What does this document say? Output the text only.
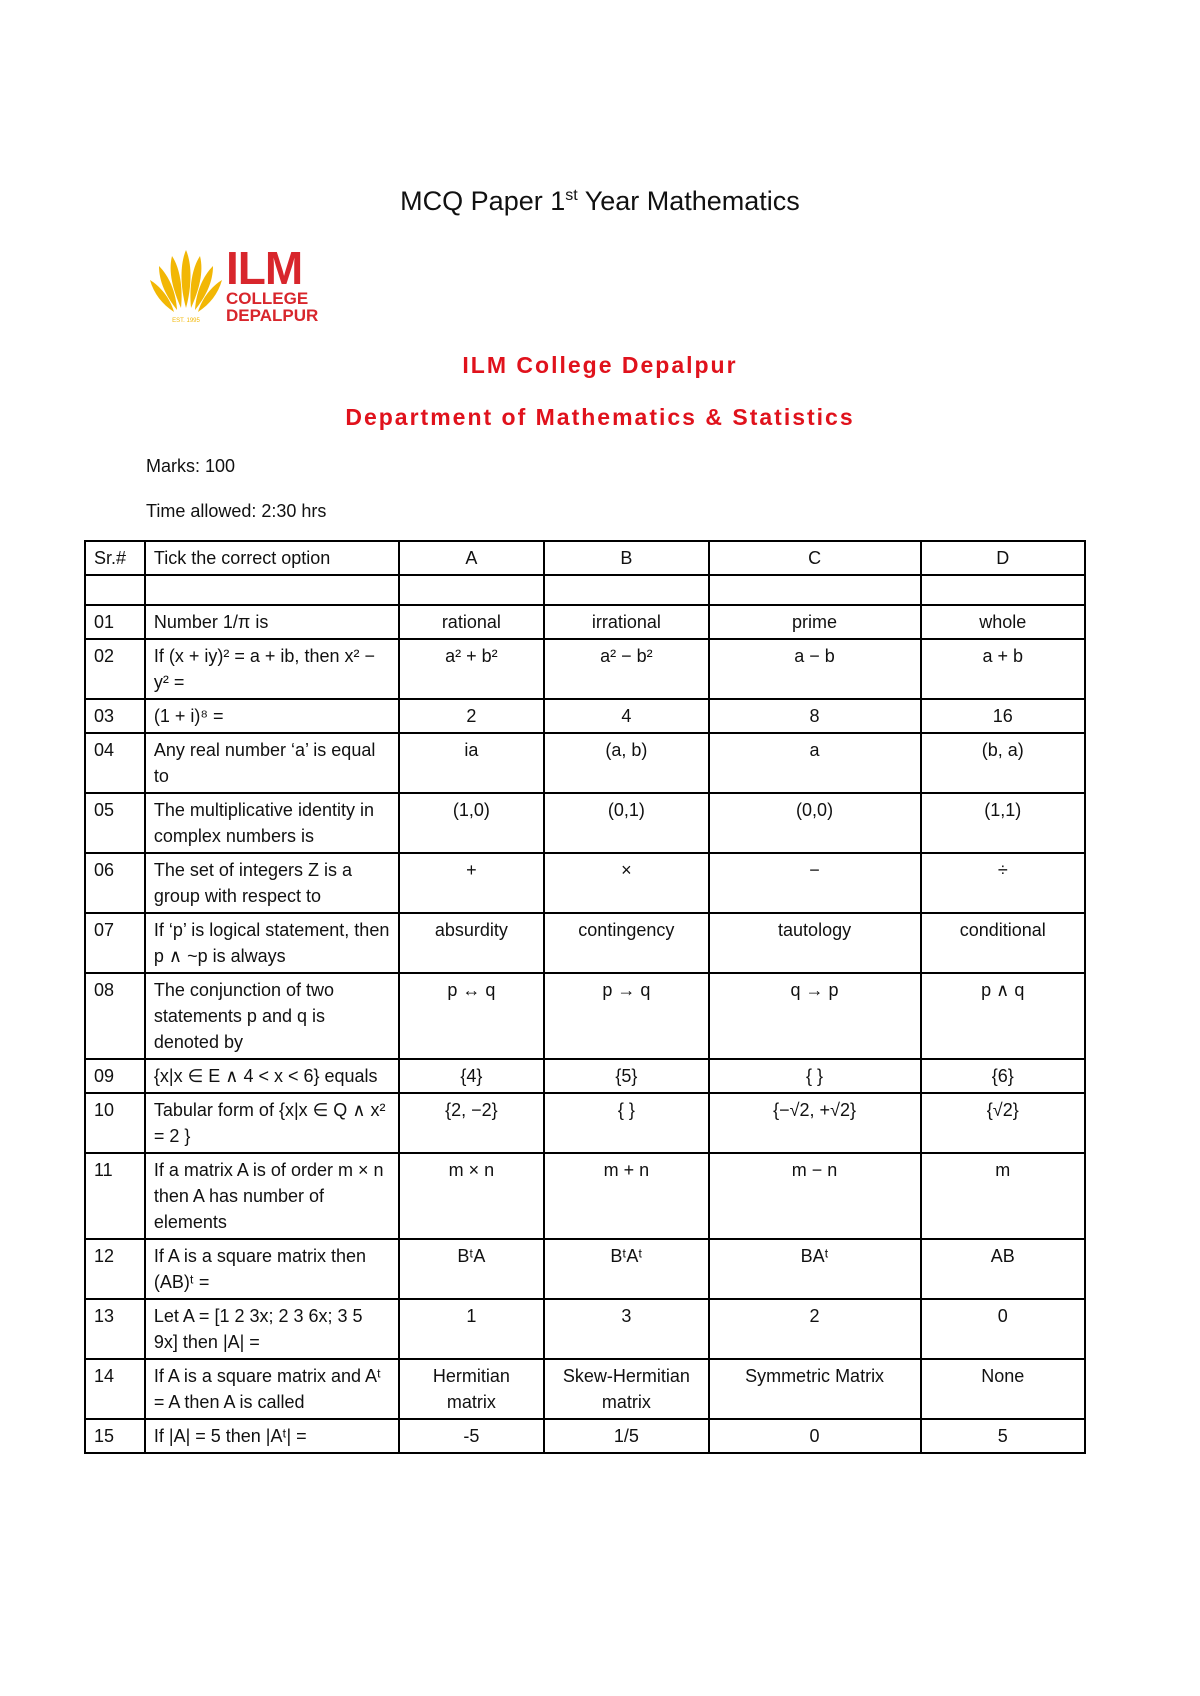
MCQ Paper 1st Year Mathematics
EST. 1995
ILM
COLLEGE
DEPALPUR
ILM College Depalpur
Department of Mathematics & Statistics
Marks: 100
Time allowed: 2:30 hrs
Sr.#	Tick the correct option	A	B	C	D

01	Number 1/π is	rational	irrational	prime	whole
02	If (x + iy)² = a + ib, then x² − y² =	a² + b²	a² − b²	a − b	a + b
03	(1 + i)⁸ =	2	4	8	16
04	Any real number ‘a’ is equal to	ia	(a, b)	a	(b, a)
05	The multiplicative identity in complex numbers is	(1,0)	(0,1)	(0,0)	(1,1)
06	The set of integers Z is a group with respect to	+	×	−	÷
07	If ‘p’ is logical statement, then p ∧ ~p is always	absurdity	contingency	tautology	conditional
08	The conjunction of two statements p and q is denoted by	p ↔ q	p → q	q → p	p ∧ q
09	{x|x ∈ E ∧ 4 < x < 6} equals	{4}	{5}	{ }	{6}
10	Tabular form of {x|x ∈ Q ∧ x² = 2 }	{2, −2}	{ }	{−√2, +√2}	{√2}
11	If a matrix A is of order m × n then A has number of elements	m × n	m + n	m − n	m
12	If A is a square matrix then (AB)ᵗ =	BᵗA	BᵗAᵗ	BAᵗ	AB
13	Let A = [1 2 3x; 2 3 6x; 3 5 9x] then |A| =	1	3	2	0
14	If A is a square matrix and Aᵗ = A then A is called	Hermitian matrix	Skew-Hermitian matrix	Symmetric Matrix	None
15	If |A| = 5 then |Aᵗ| =	-5	1/5	0	5
